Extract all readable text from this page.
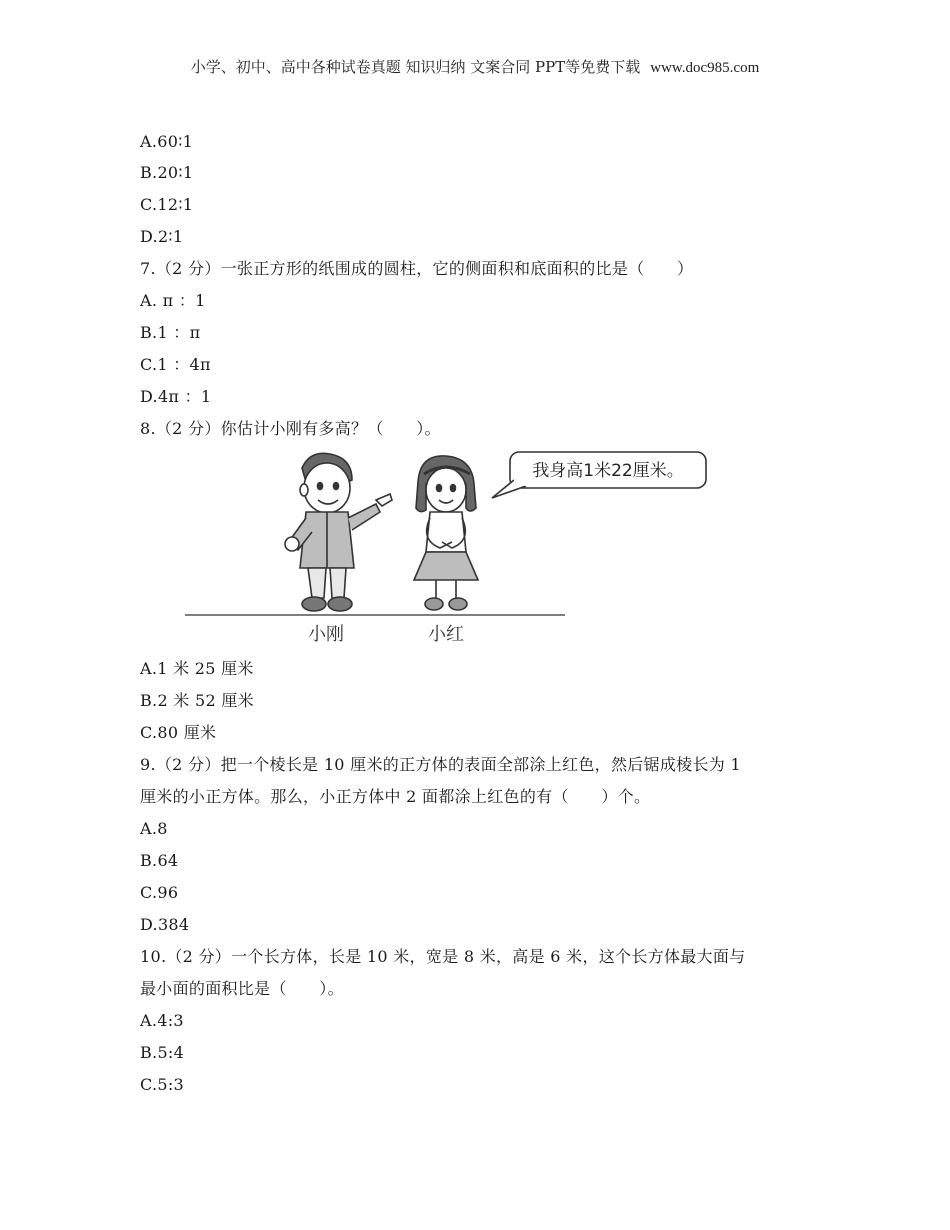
小学、初中、高中各种试卷真题 知识归纳 文案合同 PPT等免费下载 www.doc985.com
A.60∶1
B.20∶1
C.12∶1
D.2∶1
7.（2 分）一张正方形的纸围成的圆柱，它的侧面积和底面积的比是（　　）
A. π ：1
B.1 ：π
C.1 ：4π
D.4π ：1
8.（2 分）你估计小刚有多高？（　　）。
我身高1米22厘米。
小刚	小红
A.1 米 25 厘米
B.2 米 52 厘米
C.80 厘米
9.（2 分）把一个棱长是 10 厘米的正方体的表面全部涂上红色，然后锯成棱长为 1
厘米的小正方体。那么，小正方体中 2 面都涂上红色的有（　　）个。
A.8
B.64
C.96
D.384
10.（2 分）一个长方体，长是 10 米，宽是 8 米，高是 6 米，这个长方体最大面与
最小面的面积比是（　　）。
A.4:3
B.5:4
C.5:3
